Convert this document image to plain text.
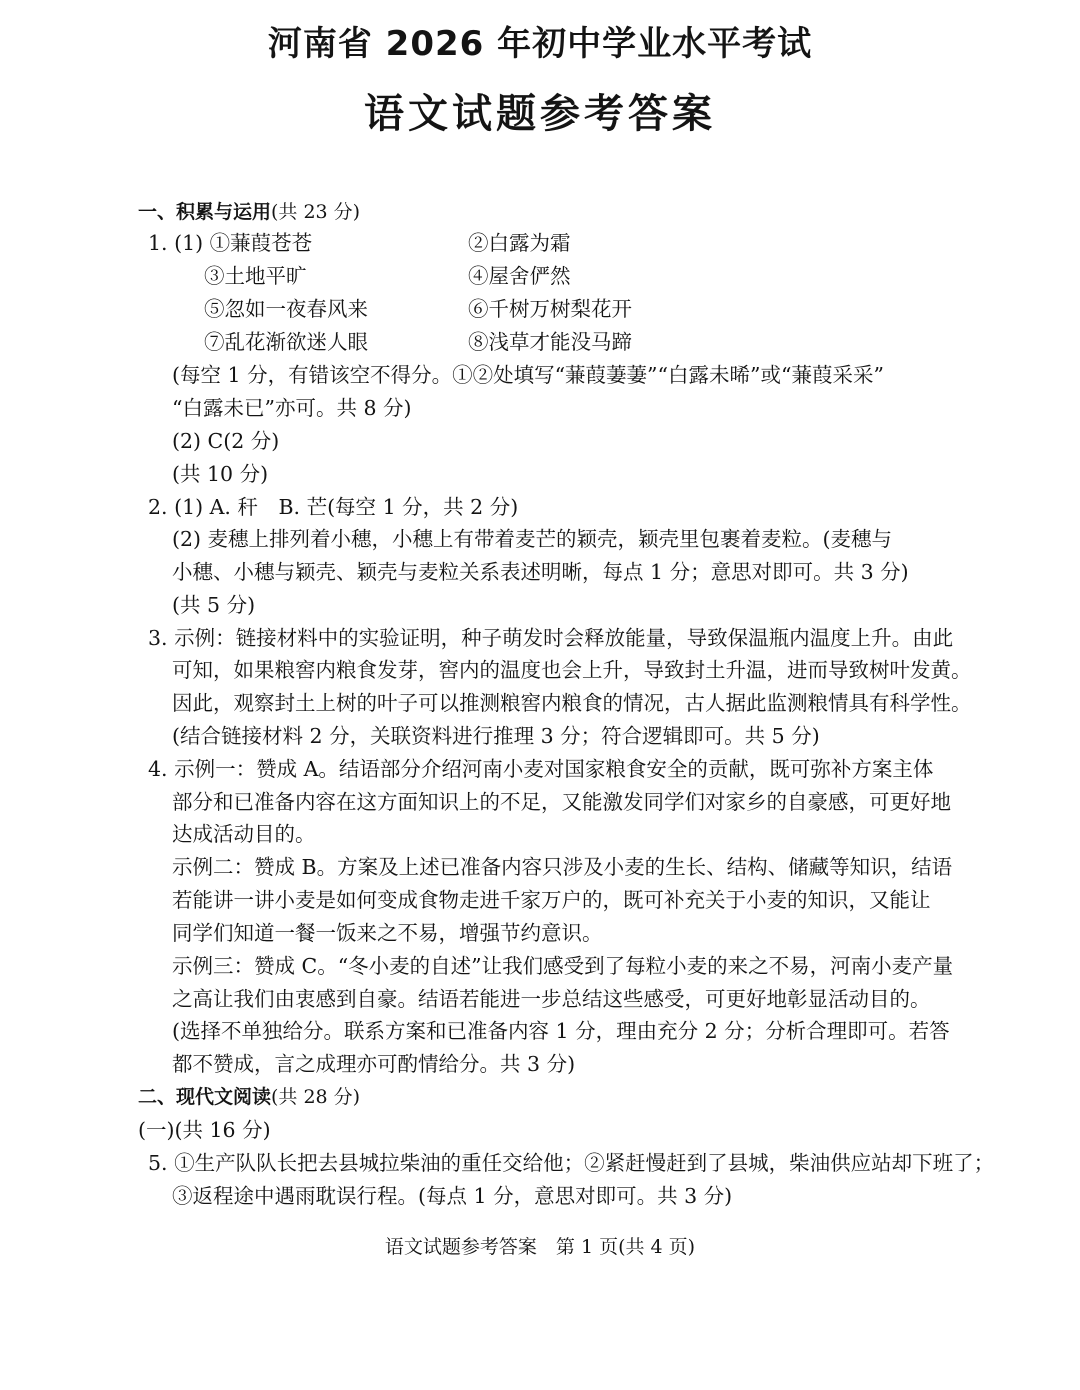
河南省 2026 年初中学业水平考试
语文试题参考答案
一、积累与运用(共 23 分)
1. (1) ①蒹葭苍苍	②白露为霜
③土地平旷	④屋舍俨然
⑤忽如一夜春风来	⑥千树万树梨花开
⑦乱花渐欲迷人眼	⑧浅草才能没马蹄
(每空 1 分，有错该空不得分。①②处填写“蒹葭萋萋”“白露未晞”或“蒹葭采采”
“白露未已”亦可。共 8 分)
(2) C(2 分)
(共 10 分)
2. (1) A. 秆　B. 芒(每空 1 分，共 2 分)
(2) 麦穗上排列着小穗，小穗上有带着麦芒的颖壳，颖壳里包裹着麦粒。(麦穗与
小穗、小穗与颖壳、颖壳与麦粒关系表述明晰，每点 1 分；意思对即可。共 3 分)
(共 5 分)
3. 示例：链接材料中的实验证明，种子萌发时会释放能量，导致保温瓶内温度上升。由此
可知，如果粮窖内粮食发芽，窖内的温度也会上升，导致封土升温，进而导致树叶发黄。
因此，观察封土上树的叶子可以推测粮窖内粮食的情况，古人据此监测粮情具有科学性。
(结合链接材料 2 分，关联资料进行推理 3 分；符合逻辑即可。共 5 分)
4. 示例一：赞成 A。结语部分介绍河南小麦对国家粮食安全的贡献，既可弥补方案主体
部分和已准备内容在这方面知识上的不足，又能激发同学们对家乡的自豪感，可更好地
达成活动目的。
示例二：赞成 B。方案及上述已准备内容只涉及小麦的生长、结构、储藏等知识，结语
若能讲一讲小麦是如何变成食物走进千家万户的，既可补充关于小麦的知识，又能让
同学们知道一餐一饭来之不易，增强节约意识。
示例三：赞成 C。“冬小麦的自述”让我们感受到了每粒小麦的来之不易，河南小麦产量
之高让我们由衷感到自豪。结语若能进一步总结这些感受，可更好地彰显活动目的。
(选择不单独给分。联系方案和已准备内容 1 分，理由充分 2 分；分析合理即可。若答
都不赞成，言之成理亦可酌情给分。共 3 分)
二、现代文阅读(共 28 分)
(一)(共 16 分)
5. ①生产队队长把去县城拉柴油的重任交给他；②紧赶慢赶到了县城，柴油供应站却下班了；
③返程途中遇雨耽误行程。(每点 1 分，意思对即可。共 3 分)
语文试题参考答案　第 1 页(共 4 页)
